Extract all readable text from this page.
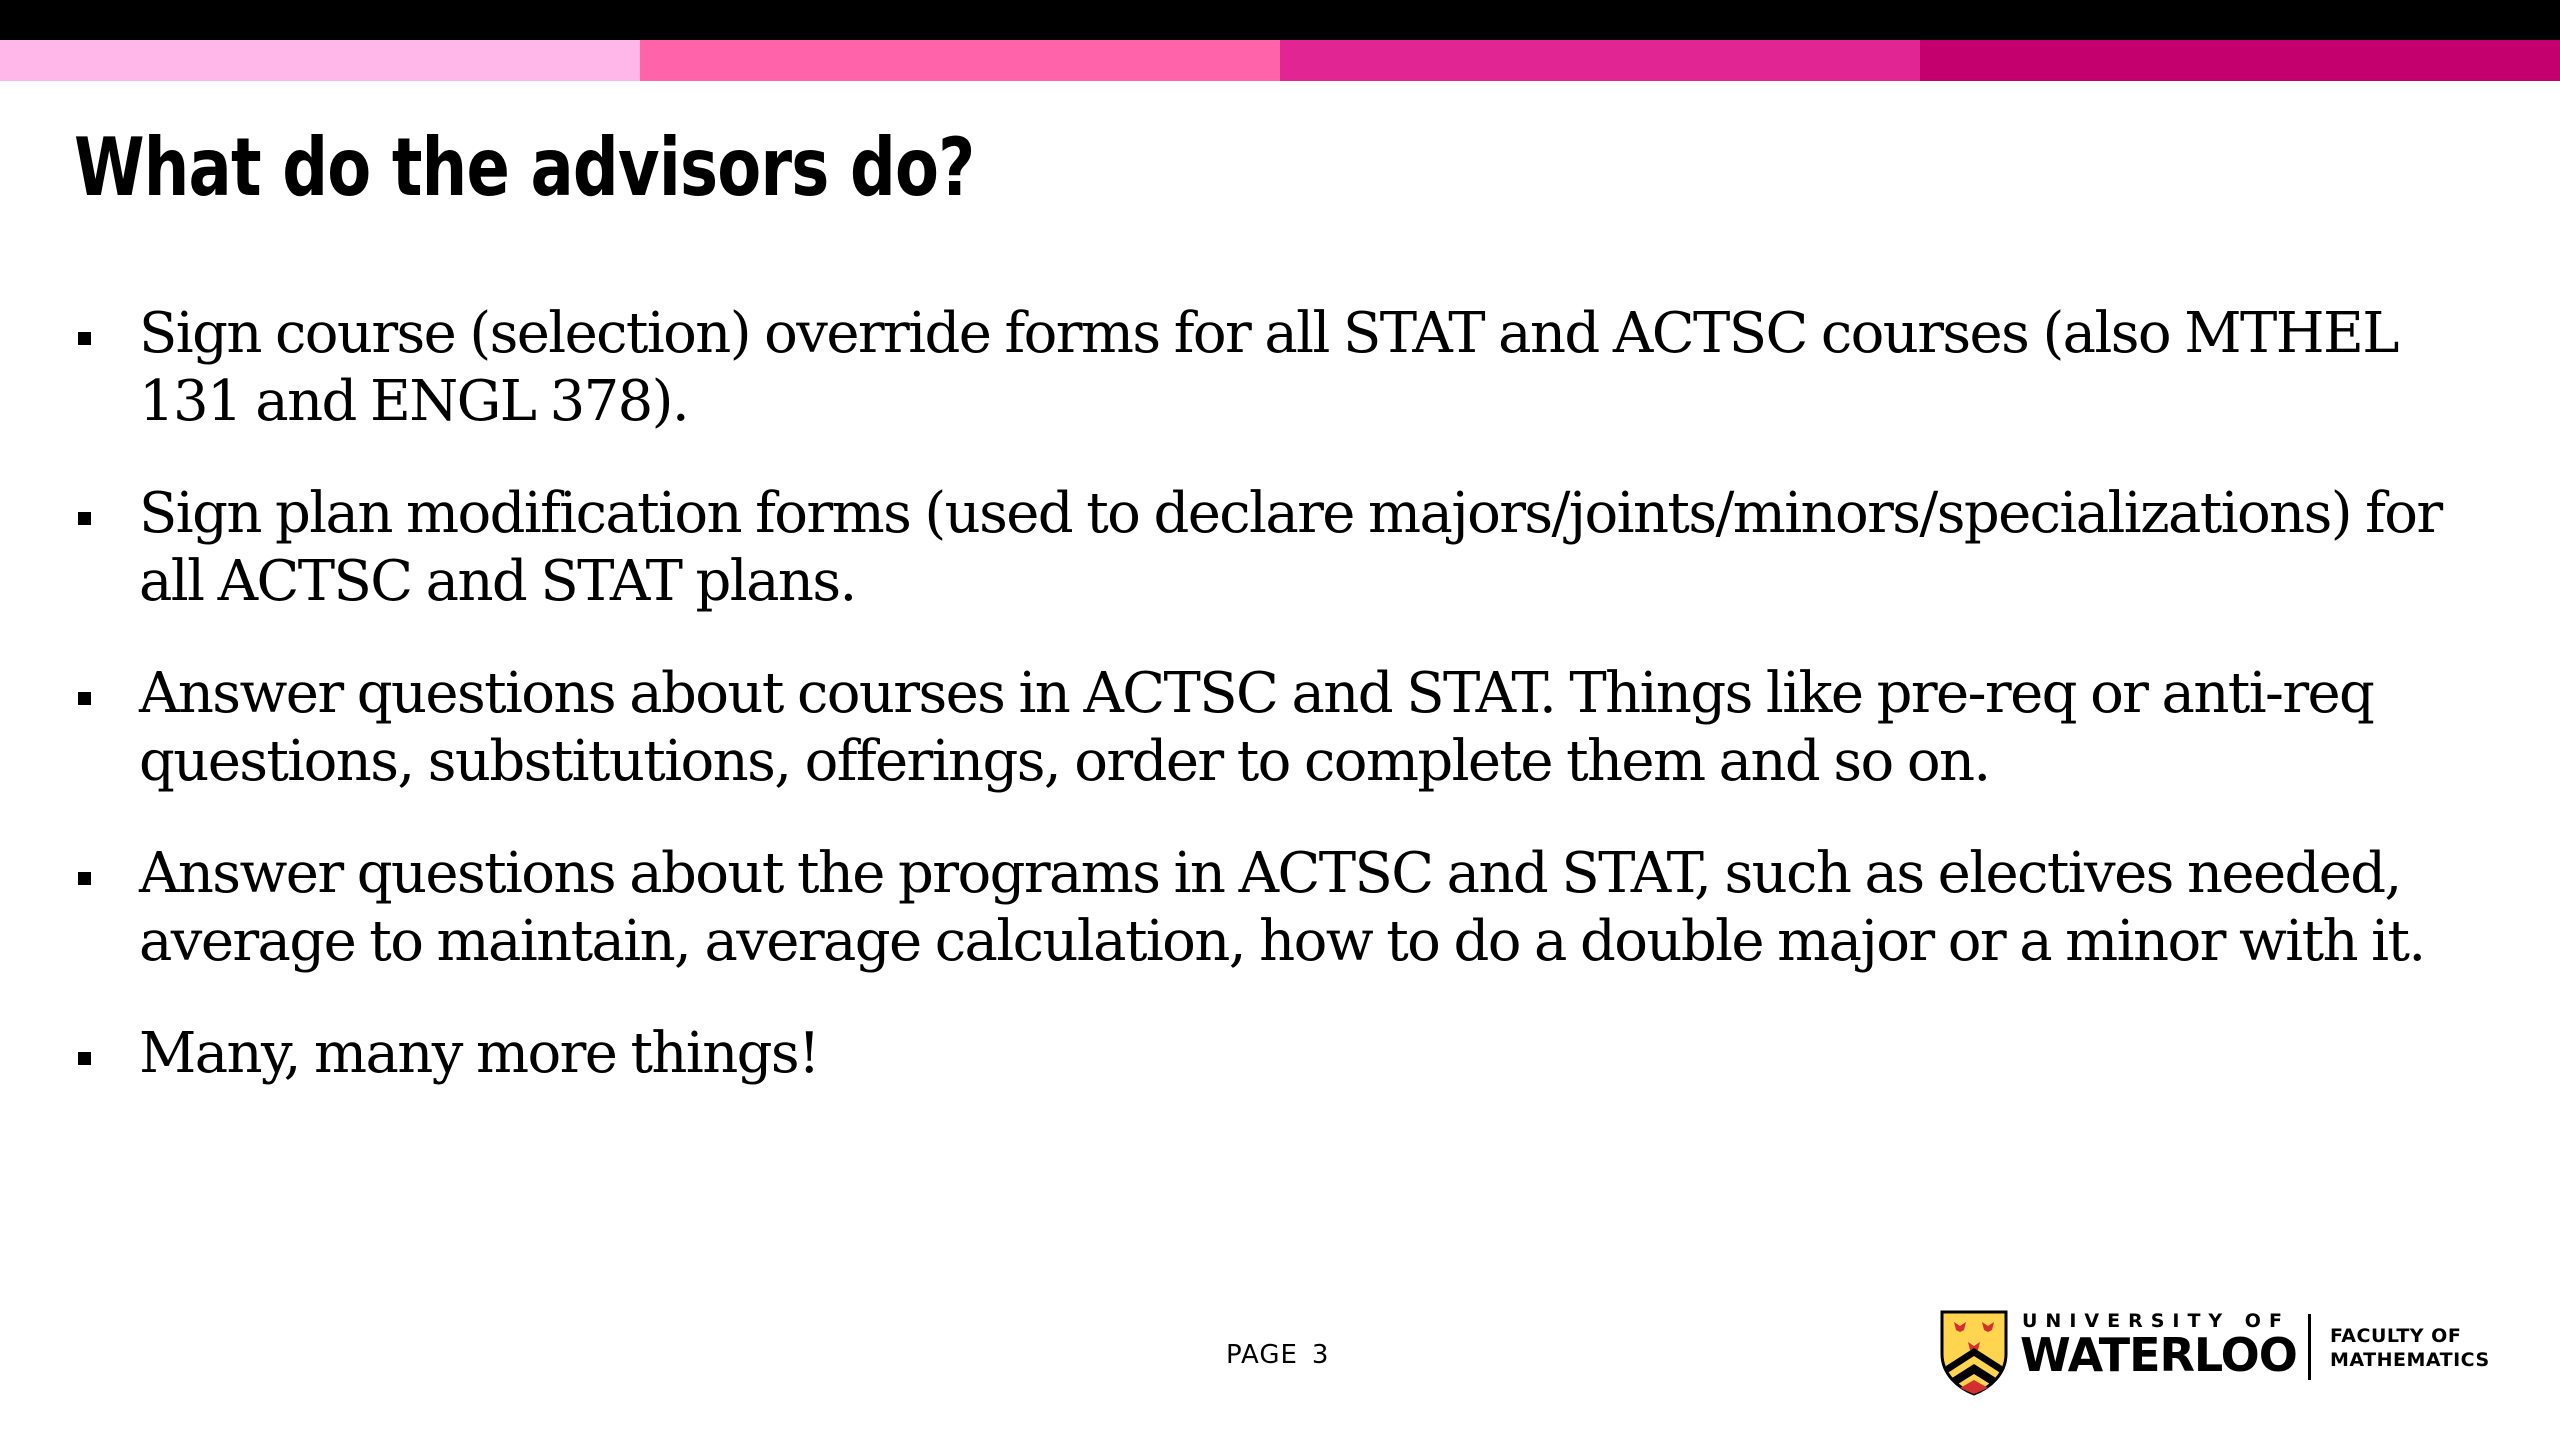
What do the advisors do?
Sign course (selection) override forms for all STAT and ACTSC courses (also MTHEL 131 and ENGL 378).
Sign plan modification forms (used to declare majors/joints/minors/specializations) for all ACTSC and STAT plans.
Answer questions about courses in ACTSC and STAT. Things like pre-req or anti-req questions, substitutions, offerings, order to complete them and so on.
Answer questions about the programs in ACTSC and STAT, such as electives needed, average to maintain, average calculation, how to do a double major or a minor with it.
Many, many more things!
PAGE 3
UNIVERSITY OF
WATERLOO FACULTY OF
MATHEMATICS
